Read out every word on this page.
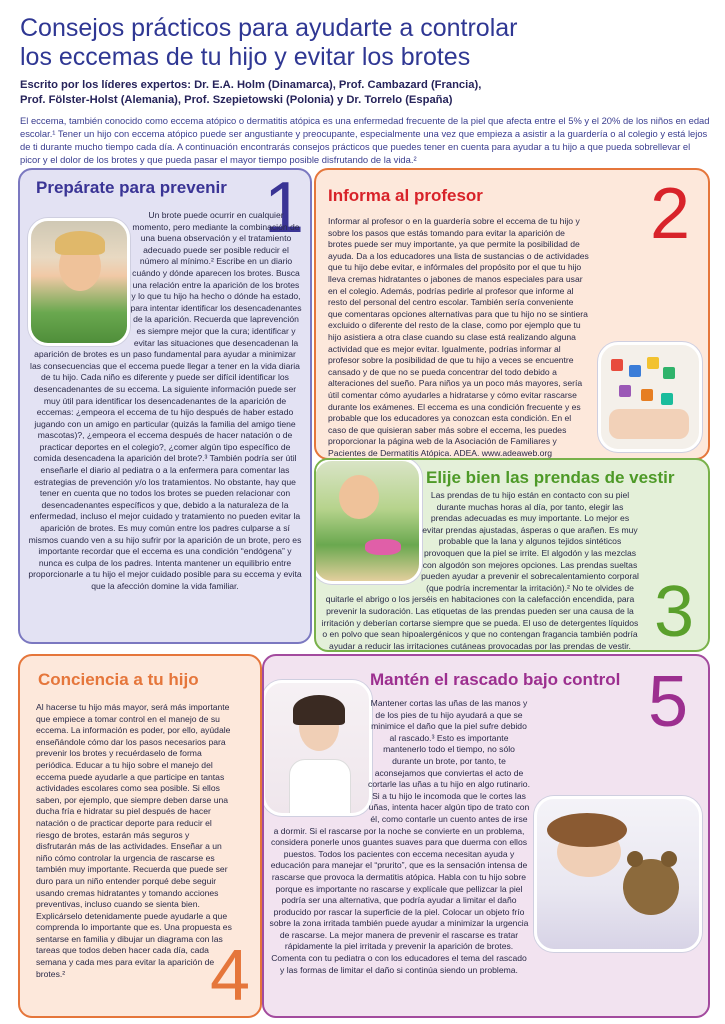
Consejos prácticos para ayudarte a controlar
los eccemas de tu hijo y evitar los brotes
Escrito por los líderes expertos: Dr. E.A. Holm (Dinamarca), Prof. Cambazard (Francia),
Prof. Fölster-Holst (Alemania), Prof. Szepietowski (Polonia) y Dr. Torrelo (España)
El eccema, también conocido como eccema atópico o dermatitis atópica es una enfermedad frecuente de la piel que afecta entre el 5% y el 20% de los niños en edad escolar.¹ Tener un hijo con eccema atópico puede ser angustiante y preocupante, especialmente una vez que empieza a asistir a la guardería o al colegio y está lejos de ti durante mucho tiempo cada día. A continuación encontrarás consejos prácticos que puedes tener en cuenta para ayudar a tu hijo a que pueda sobrellevar el picor y el dolor de los brotes y que pueda pasar el mayor tiempo posible disfrutando de la vida.²
Prepárate para prevenir 1
Un brote puede ocurrir en cualquier momento, pero mediante la combinación de una buena observación y el tratamiento adecuado puede ser posible reducir el número al mínimo.² Escribe en un diario cuándo y dónde aparecen los brotes. Busca una relación entre la aparición de los brotes y lo que tu hijo ha hecho o dónde ha estado, para intentar identificar los desencadenantes de la aparición. Recuerda que laprevención es siempre mejor que la cura; identificar y evitar las situaciones que desencadenan la aparición de brotes es un paso fundamental para ayudar a minimizar las consecuencias que el eccema puede llegar a tener en la vida diaria de tu hijo. Cada niño es diferente y puede ser difícil identificar los desencadenantes de su eccema. La siguiente información puede ser muy útil para identificar los desencadenantes de la aparición de eccemas: ¿empeora el eccema de tu hijo después de haber estado jugando con un amigo en particular (quizás la familia del amigo tiene mascotas)?, ¿empeora el eccema después de hacer natación o de practicar deportes en el colegio?, ¿comer algún tipo específico de comida desencadena la aparición del brote?.³ También podría ser útil enseñarle el diario al pediatra o a la enfermera para comentar las estrategias de prevención y/o los tratamientos. No obstante, hay que tener en cuenta que no todos los brotes se pueden relacionar con desencadenantes específicos y que, debido a la naturaleza de la enfermedad, incluso el mejor cuidado y tratamiento no pueden evitar la aparición de brotes. Es muy común entre los padres culparse a sí mismos cuando ven a su hijo sufrir por la aparición de un brote, pero es importante recordar que el eccema es una condición “endógena” y nunca es culpa de los padres. Intenta mantener un equilibrio entre proporcionarle a tu hijo el mejor cuidado posible para su eccema y evita que la afección domine la vida familiar.
Informa al profesor 2
Informar al profesor o en la guardería sobre el eccema de tu hijo y sobre los pasos que estás tomando para evitar la aparición de brotes puede ser muy importante, ya que permite la posibilidad de ayuda. Da a los educadores una lista de sustancias o de actividades que tu hijo debe evitar, e infórmales del propósito por el que tu hijo lleva cremas hidratantes o jabones de manos especiales para usar en el colegio. Además, podrías pedirle al profesor que informe al resto del personal del centro escolar. También sería conveniente que comentaras opciones alternativas para que tu hijo no se sintiera excluido o diferente del resto de la clase, como por ejemplo que tu hijo asistiera a otra clase cuando su clase está realizando alguna actividad que es mejor evitar. Igualmente, podrías informar al profesor sobre la posibilidad de que tu hijo a veces se encuentre cansado y de que no se pueda concentrar del todo debido a alteraciones del sueño. Para niños ya un poco más mayores, sería útil comentar cómo ayudarles a hidratarse y cómo evitar rascarse durante los exámenes. El eccema es una condición frecuente y es probable que los educadores ya conozcan esta condición. En el caso de que quisieran saber más sobre el eccema, les puedes proporcionar la página web de la Asociación de Familiares y Pacientes de Dermatitis Atópica. ADEA. www.adeaweb.org
Elije bien las prendas de vestir
3
Las prendas de tu hijo están en contacto con su piel durante muchas horas al día, por tanto, elegir las prendas adecuadas es muy importante. Lo mejor es evitar prendas ajustadas, ásperas o que arañen. Es muy probable que la lana y algunos tejidos sintéticos provoquen que la piel se irrite. El algodón y las mezclas con algodón son mejores opciones. Las prendas sueltas pueden ayudar a prevenir el sobrecalentamiento corporal (que podría incrementar la irritación).² No te olvides de quitarle el abrigo o los jerséis en habitaciones con la calefacción encendida, para prevenir la sudoración. Las etiquetas de las prendas pueden ser una causa de la irritación y deberían cortarse siempre que se pueda. El uso de detergentes líquidos o en polvo que sean hipoalergénicos y que no contengan fragancia también podría ayudar a reducir las irritaciones cutáneas provocadas por las prendas de vestir.
Conciencia a tu hijo
4
Al hacerse tu hijo más mayor, será más importante que empiece a tomar control en el manejo de su eccema. La información es poder, por ello, ayúdale enseñándole cómo dar los pasos necesarios para prevenir los brotes y recuérdaselo de forma periódica. Educar a tu hijo sobre el manejo del eccema puede ayudarle a que participe en tantas actividades escolares como sea posible. Si ellos saben, por ejemplo, que siempre deben darse una ducha fría e hidratar su piel después de hacer natación o de practicar deporte para reducir el riesgo de brotes, estarán más seguros y disfrutarán más de las actividades. Enseñar a un niño cómo controlar la urgencia de rascarse es también muy importante. Recuerda que puede ser duro para un niño entender porqué debe seguir usando cremas hidratantes y tomando acciones preventivas, incluso cuando se sienta bien. Explicárselo detenidamente puede ayudarle a que comprenda lo importante que es. Una propuesta es sentarse en familia y dibujar un diagrama con las tareas que todos deben hacer cada día, cada semana y cada mes para evitar la aparición de brotes.²
Mantén el rascado bajo control 5
Mantener cortas las uñas de las manos y de los pies de tu hijo ayudará a que se minimice el daño que la piel sufre debido al rascado.³ Esto es importante mantenerlo todo el tiempo, no sólo durante un brote, por tanto, te aconsejamos que conviertas el acto de cortarle las uñas a tu hijo en algo rutinario. Si a tu hijo le incomoda que le cortes las uñas, intenta hacer algún tipo de trato con él, como contarle un cuento antes de irse a dormir. Si el rascarse por la noche se convierte en un problema, considera ponerle unos guantes suaves para que duerma con ellos puestos. Todos los pacientes con eccema necesitan ayuda y educación para manejar el “prurito”, que es la sensación intensa de rascarse que provoca la dermatitis atópica. Habla con tu hijo sobre porque es importante no rascarse y explícale que pellizcar la piel podría ser una alternativa, que podría ayudar a limitar el daño producido por rascar la superficie de la piel. Colocar un objeto frío sobre la zona irritada también puede ayudar a minimizar la urgencia de rascarse. La mejor manera de prevenir el rascarse es tratar rápidamente la piel irritada y prevenir la aparición de brotes. Comenta con tu pediatra o con los educadores el tema del rascado y las formas de limitar el daño si continúa siendo un problema.
